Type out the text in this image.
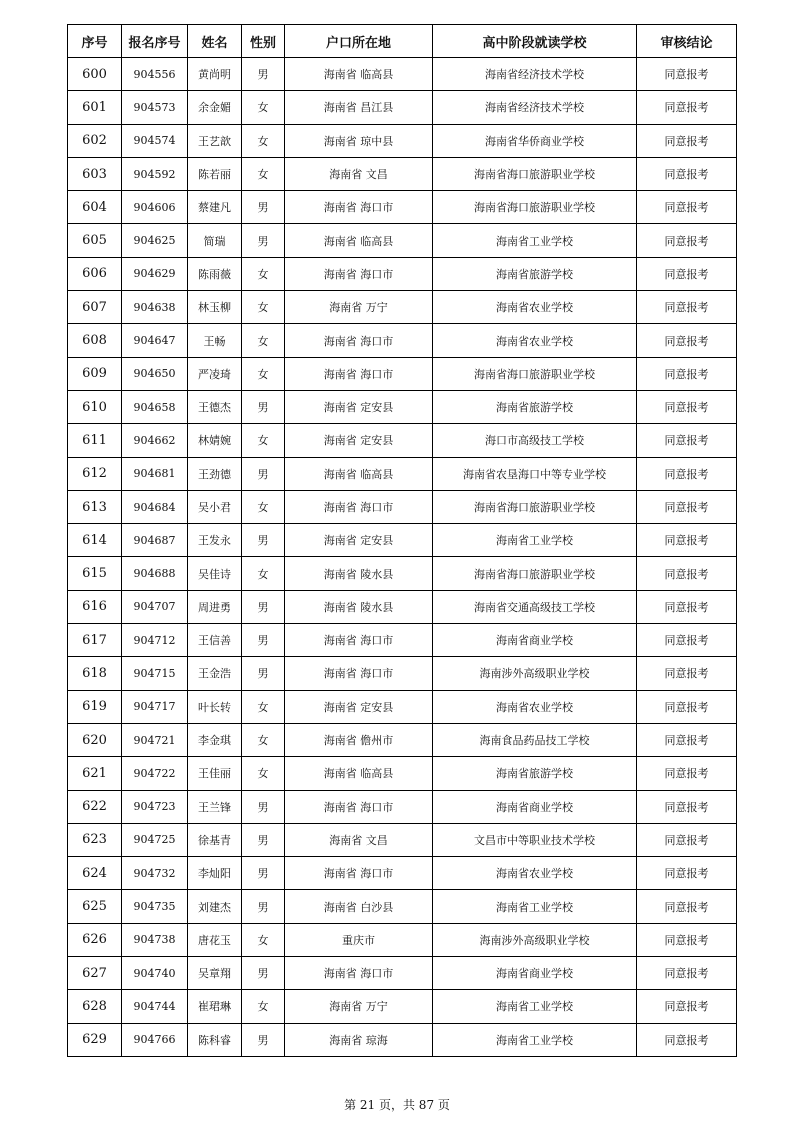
序号	报名序号	姓名	性别	户口所在地	高中阶段就读学校	审核结论
600	904556	黄尚明	男	海南省 临高县	海南省经济技术学校	同意报考
601	904573	余金媚	女	海南省 昌江县	海南省经济技术学校	同意报考
602	904574	王艺歆	女	海南省 琼中县	海南省华侨商业学校	同意报考
603	904592	陈若丽	女	海南省 文昌	海南省海口旅游职业学校	同意报考
604	904606	蔡建凡	男	海南省 海口市	海南省海口旅游职业学校	同意报考
605	904625	简瑞	男	海南省 临高县	海南省工业学校	同意报考
606	904629	陈雨薇	女	海南省 海口市	海南省旅游学校	同意报考
607	904638	林玉柳	女	海南省 万宁	海南省农业学校	同意报考
608	904647	王畅	女	海南省 海口市	海南省农业学校	同意报考
609	904650	严凌琦	女	海南省 海口市	海南省海口旅游职业学校	同意报考
610	904658	王德杰	男	海南省 定安县	海南省旅游学校	同意报考
611	904662	林婧婉	女	海南省 定安县	海口市高级技工学校	同意报考
612	904681	王劲德	男	海南省 临高县	海南省农垦海口中等专业学校	同意报考
613	904684	吴小君	女	海南省 海口市	海南省海口旅游职业学校	同意报考
614	904687	王发永	男	海南省 定安县	海南省工业学校	同意报考
615	904688	吴佳诗	女	海南省 陵水县	海南省海口旅游职业学校	同意报考
616	904707	周进勇	男	海南省 陵水县	海南省交通高级技工学校	同意报考
617	904712	王信善	男	海南省 海口市	海南省商业学校	同意报考
618	904715	王金浩	男	海南省 海口市	海南涉外高级职业学校	同意报考
619	904717	叶长转	女	海南省 定安县	海南省农业学校	同意报考
620	904721	李金琪	女	海南省 儋州市	海南食品药品技工学校	同意报考
621	904722	王佳丽	女	海南省 临高县	海南省旅游学校	同意报考
622	904723	王兰锋	男	海南省 海口市	海南省商业学校	同意报考
623	904725	徐基青	男	海南省 文昌	文昌市中等职业技术学校	同意报考
624	904732	李灿阳	男	海南省 海口市	海南省农业学校	同意报考
625	904735	刘建杰	男	海南省 白沙县	海南省工业学校	同意报考
626	904738	唐花玉	女	重庆市	海南涉外高级职业学校	同意报考
627	904740	吴章翔	男	海南省 海口市	海南省商业学校	同意报考
628	904744	崔珺琳	女	海南省 万宁	海南省工业学校	同意报考
629	904766	陈科睿	男	海南省 琼海	海南省工业学校	同意报考
第 21 页，共 87 页
